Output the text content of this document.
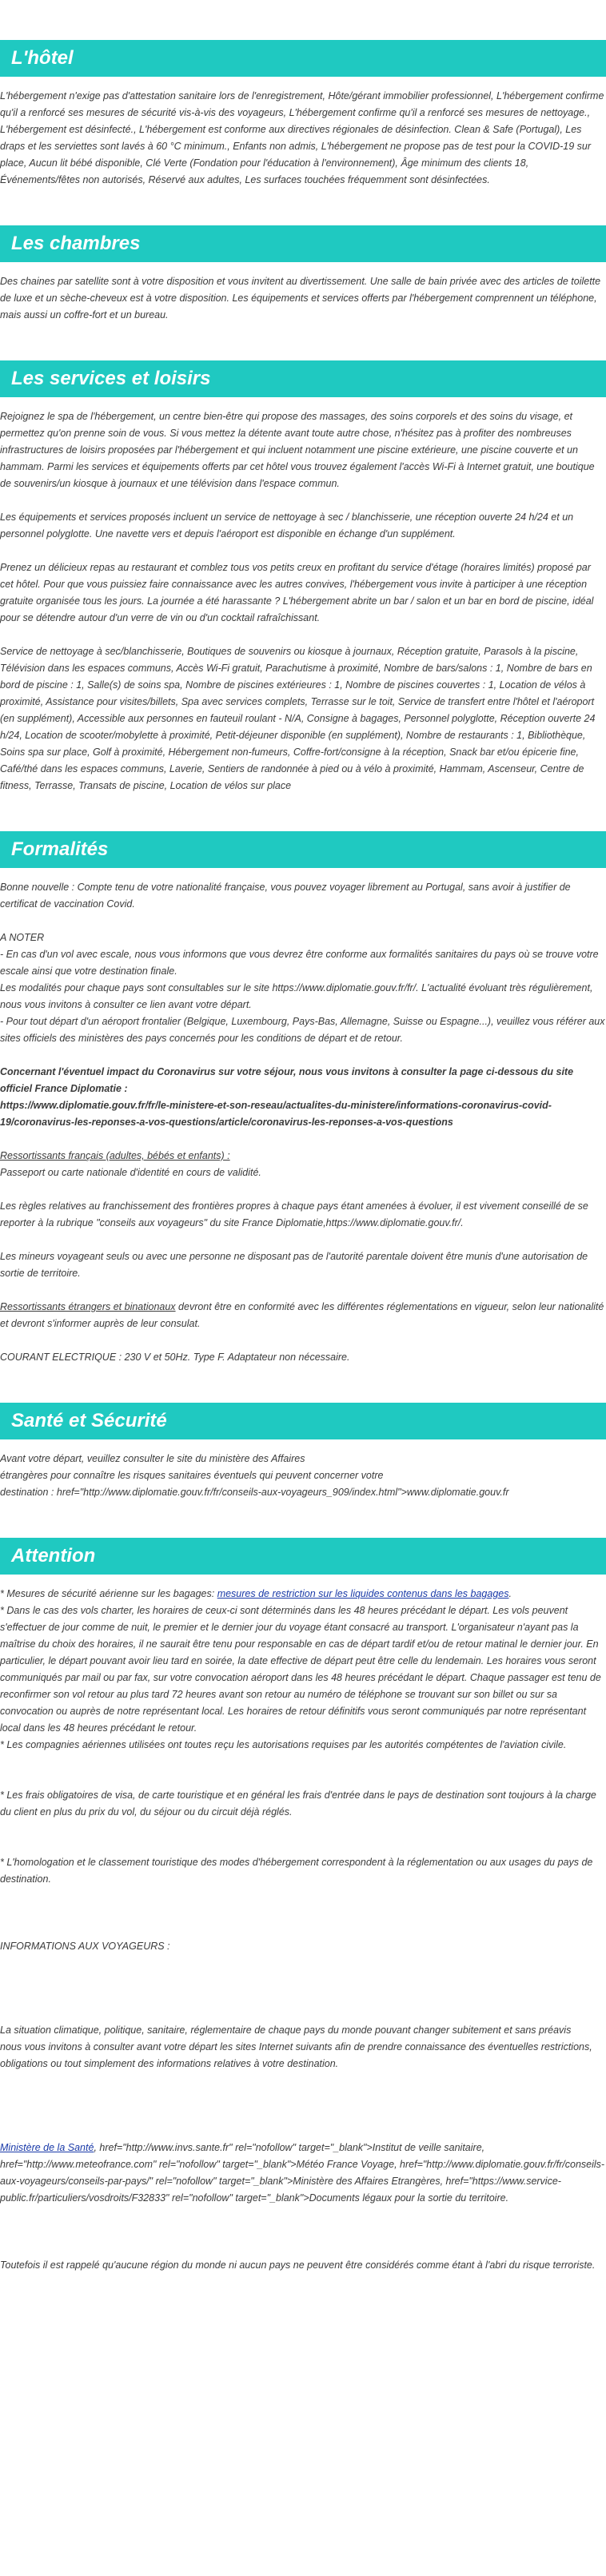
L'hôtel

L'hébergement n'exige pas d'attestation sanitaire lors de l'enregistrement, Hôte/gérant immobilier professionnel, L'hébergement confirme qu'il a renforcé ses mesures de sécurité vis-à-vis des voyageurs, L'hébergement confirme qu'il a renforcé ses mesures de nettoyage., L'hébergement est désinfecté., L'hébergement est conforme aux directives régionales de désinfection. Clean & Safe (Portugal), Les draps et les serviettes sont lavés à 60 °C minimum., Enfants non admis, L'hébergement ne propose pas de test pour la COVID-19 sur place, Aucun lit bébé disponible, Clé Verte (Fondation pour l'éducation à l'environnement), Âge minimum des clients 18, Événements/fêtes non autorisés, Réservé aux adultes, Les surfaces touchées fréquemment sont désinfectées.

Les chambres

Des chaines par satellite sont à votre disposition et vous invitent au divertissement. Une salle de bain privée avec des articles de toilette de luxe et un sèche-cheveux est à votre disposition. Les équipements et services offerts par l'hébergement comprennent un téléphone, mais aussi un coffre-fort et un bureau.

Les services et loisirs

Rejoignez le spa de l'hébergement, un centre bien-être qui propose des massages, des soins corporels et des soins du visage, et permettez qu'on prenne soin de vous. Si vous mettez la détente avant toute autre chose, n'hésitez pas à profiter des nombreuses infrastructures de loisirs proposées par l'hébergement et qui incluent notamment une piscine extérieure, une piscine couverte et un hammam. Parmi les services et équipements offerts par cet hôtel vous trouvez également l'accès Wi-Fi à Internet gratuit, une boutique de souvenirs/un kiosque à journaux et une télévision dans l'espace commun.

Les équipements et services proposés incluent un service de nettoyage à sec / blanchisserie, une réception ouverte 24 h/24 et un personnel polyglotte. Une navette vers et depuis l'aéroport est disponible en échange d'un supplément.

Prenez un délicieux repas au restaurant et comblez tous vos petits creux en profitant du service d'étage (horaires limités) proposé par cet hôtel. Pour que vous puissiez faire connaissance avec les autres convives, l'hébergement vous invite à participer à une réception gratuite organisée tous les jours. La journée a été harassante ? L'hébergement abrite un bar / salon et un bar en bord de piscine, idéal pour se détendre autour d'un verre de vin ou d'un cocktail rafraîchissant.

Service de nettoyage à sec/blanchisserie, Boutiques de souvenirs ou kiosque à journaux, Réception gratuite, Parasols à la piscine, Télévision dans les espaces communs, Accès Wi-Fi gratuit, Parachutisme à proximité, Nombre de bars/salons : 1, Nombre de bars en bord de piscine : 1, Salle(s) de soins spa, Nombre de piscines extérieures : 1, Nombre de piscines couvertes : 1, Location de vélos à proximité, Assistance pour visites/billets, Spa avec services complets, Terrasse sur le toit, Service de transfert entre l'hôtel et l'aéroport (en supplément), Accessible aux personnes en fauteuil roulant - N/A, Consigne à bagages, Personnel polyglotte, Réception ouverte 24 h/24, Location de scooter/mobylette à proximité, Petit-déjeuner disponible (en supplément), Nombre de restaurants : 1, Bibliothèque, Soins spa sur place, Golf à proximité, Hébergement non-fumeurs, Coffre-fort/consigne à la réception, Snack bar et/ou épicerie fine, Café/thé dans les espaces communs, Laverie, Sentiers de randonnée à pied ou à vélo à proximité, Hammam, Ascenseur, Centre de fitness, Terrasse, Transats de piscine, Location de vélos sur place

Formalités

Bonne nouvelle : Compte tenu de votre nationalité française, vous pouvez voyager librement au Portugal, sans avoir à justifier de certificat de vaccination Covid.

A NOTER

- En cas d'un vol avec escale, nous vous informons que vous devrez être conforme aux formalités sanitaires du pays où se trouve votre escale ainsi que votre destination finale.

Les modalités pour chaque pays sont consultables sur le site https://www.diplomatie.gouv.fr/fr/. L'actualité évoluant très régulièrement, nous vous invitons à consulter ce lien avant votre départ.

- Pour tout départ d'un aéroport frontalier (Belgique, Luxembourg, Pays-Bas, Allemagne, Suisse ou Espagne...), veuillez vous référer aux sites officiels des ministères des pays concernés pour les conditions de départ et de retour.

Concernant l'éventuel impact du Coronavirus sur votre séjour, nous vous invitons à consulter la page ci-dessous du site officiel France Diplomatie :

https://www.diplomatie.gouv.fr/fr/le-ministere-et-son-reseau/actualites-du-ministere/informations-coronavirus-covid-19/coronavirus-les-reponses-a-vos-questions/article/coronavirus-les-reponses-a-vos-questions

Ressortissants français (adultes, bébés et enfants) :

Passeport ou carte nationale d'identité en cours de validité.

Les règles relatives au franchissement des frontières propres à chaque pays étant amenées à évoluer, il est vivement conseillé de se reporter à la rubrique "conseils aux voyageurs" du site France Diplomatie,https://www.diplomatie.gouv.fr/.

Les mineurs voyageant seuls ou avec une personne ne disposant pas de l'autorité parentale doivent être munis d'une autorisation de sortie de territoire.

Ressortissants étrangers et binationaux devront être en conformité avec les différentes réglementations en vigueur, selon leur nationalité et devront s'informer auprès de leur consulat.

COURANT ELECTRIQUE : 230 V et 50Hz. Type F. Adaptateur non nécessaire.

Santé et Sécurité

Avant votre départ, veuillez consulter le site du ministère des Affaires

étrangères pour connaître les risques sanitaires éventuels qui peuvent concerner votre

destination : href="http://www.diplomatie.gouv.fr/fr/conseils-aux-voyageurs_909/index.html">www.diplomatie.gouv.fr

Attention

* Mesures de sécurité aérienne sur les bagages: mesures de restriction sur les liquides contenus dans les bagages.

* Dans le cas des vols charter, les horaires de ceux-ci sont déterminés dans les 48 heures précédant le départ. Les vols peuvent s'effectuer de jour comme de nuit, le premier et le dernier jour du voyage étant consacré au transport. L'organisateur n'ayant pas la maîtrise du choix des horaires, il ne saurait être tenu pour responsable en cas de départ tardif et/ou de retour matinal le dernier jour. En particulier, le départ pouvant avoir lieu tard en soirée, la date effective de départ peut être celle du lendemain. Les horaires vous seront communiqués par mail ou par fax, sur votre convocation aéroport dans les 48 heures précédant le départ. Chaque passager est tenu de reconfirmer son vol retour au plus tard 72 heures avant son retour au numéro de téléphone se trouvant sur son billet ou sur sa convocation ou auprès de notre représentant local. Les horaires de retour définitifs vous seront communiqués par notre représentant local dans les 48 heures précédant le retour.

* Les compagnies aériennes utilisées ont toutes reçu les autorisations requises par les autorités compétentes de l'aviation civile.

* Les frais obligatoires de visa, de carte touristique et en général les frais d'entrée dans le pays de destination sont toujours à la charge du client en plus du prix du vol, du séjour ou du circuit déjà réglés.

* L'homologation et le classement touristique des modes d'hébergement correspondent à la réglementation ou aux usages du pays de destination.

INFORMATIONS AUX VOYAGEURS :

La situation climatique, politique, sanitaire, réglementaire de chaque pays du monde pouvant changer subitement et sans préavis

nous vous invitons à consulter avant votre départ les sites Internet suivants afin de prendre connaissance des éventuelles restrictions, obligations ou tout simplement des informations relatives à votre destination.

Ministère de la Santé, href="http://www.invs.sante.fr" rel="nofollow" target="_blank">Institut de veille sanitaire, href="http://www.meteofrance.com" rel="nofollow" target="_blank">Météo France Voyage, href="http://www.diplomatie.gouv.fr/fr/conseils-aux-voyageurs/conseils-par-pays/" rel="nofollow" target="_blank">Ministère des Affaires Etrangères, href="https://www.service-public.fr/particuliers/vosdroits/F32833" rel="nofollow" target="_blank">Documents légaux pour la sortie du territoire.

Toutefois il est rappelé qu'aucune région du monde ni aucun pays ne peuvent être considérés comme étant à l'abri du risque terroriste.
